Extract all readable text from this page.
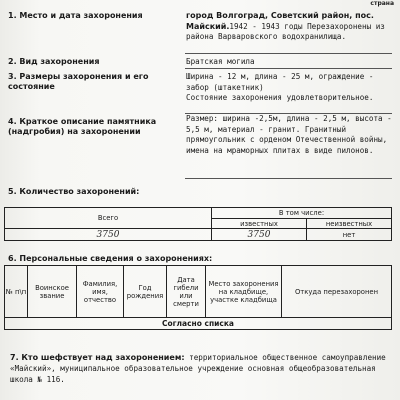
страна
1. Место и дата захоронения	город Волгоград, Советский район, пос. Майский.1942 - 1943 годы Перезахоронены из района Варваровского водохранилища.
2. Вид захоронения	Братская могила
3. Размеры захоронения и его состояние
Ширина - 12 м, длина - 25 м, ограждение - забор (штакетник)
Состояние захоронения удовлетворительное.
4. Краткое описание памятника (надгробия) на захоронении
Размер: ширина -2,5м, длина - 2,5 м, высота - 5,5 м, материал - гранит. Гранитный прямоугольник с орденом Отечественной войны, имена на мраморных плитах в виде пилонов.
5. Количество захоронений:
Всего	В том числе:	
	известных	неизвестных
3750	3750	нет
6. Персональные сведения о захоронениях:
№ п\п	Воинское звание	Фамилия, имя, отчество	Год рождения	Дата гибели или смерти	Место захоронения на кладбище, участке кладбища	Откуда перезахоронен
Согласно списка
7. Кто шефствует над захоронением: территориальное общественное самоуправление «Майский», муниципальное образовательное учреждение основная общеобразовательная школа № 116.
